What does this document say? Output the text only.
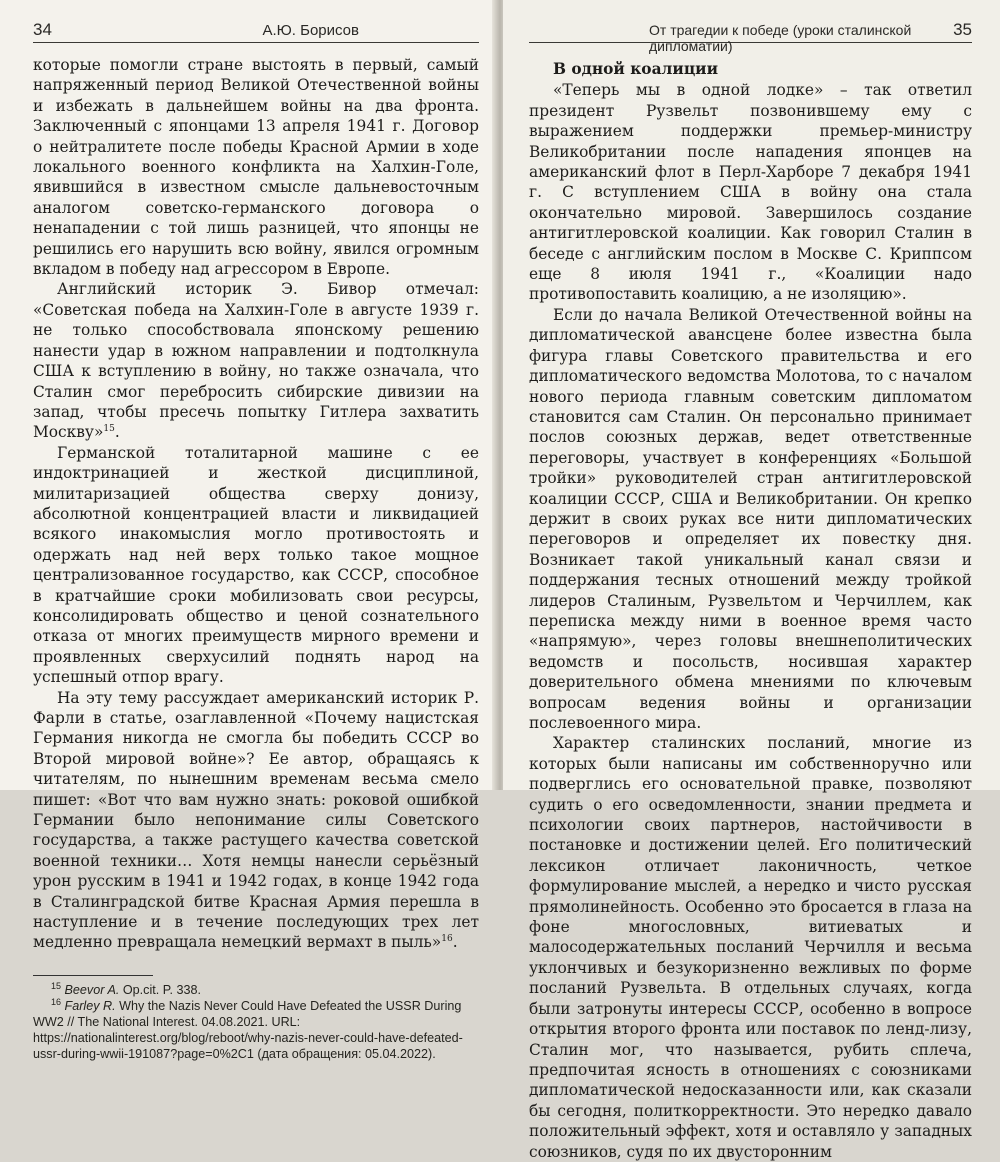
34	А.Ю. Борисов

которые помогли стране выстоять в первый, самый напряженный период Великой Отечественной войны и избежать в дальнейшем войны на два фронта. Заключенный с японцами 13 апреля 1941 г. Договор о нейтралитете после победы Красной Армии в ходе локального военного конфликта на Халхин-Голе, явившийся в известном смысле дальневосточным аналогом советско-германского договора о ненападении с той лишь разницей, что японцы не решились его нарушить всю войну, явился огромным вкладом в победу над агрессором в Европе.

Английский историк Э. Бивор отмечал: «Советская победа на Халхин-Голе в августе 1939 г. не только способствовала японскому решению нанести удар в южном направлении и подтолкнула США к вступлению в войну, но также означала, что Сталин смог перебросить сибирские дивизии на запад, чтобы пресечь попытку Гитлера захватить Москву»$^{15}$.

Германской тоталитарной машине с ее индоктринацией и жесткой дисциплиной, милитаризацией общества сверху донизу, абсолютной концентрацией власти и ликвидацией всякого инакомыслия могло противостоять и одержать над ней верх только такое мощное централизованное государство, как СССР, способное в кратчайшие сроки мобилизовать свои ресурсы, консолидировать общество и ценой сознательного отказа от многих преимуществ мирного времени и проявленных сверхусилий поднять народ на успешный отпор врагу.

На эту тему рассуждает американский историк Р. Фарли в статье, озаглавленной «Почему нацистская Германия никогда не смогла бы победить СССР во Второй мировой войне»? Ее автор, обращаясь к читателям, по нынешним временам весьма смело пишет: «Вот что вам нужно знать: роковой ошибкой Германии было непонимание силы Советского государства, а также растущего качества советской военной техники… Хотя немцы нанесли серьёзный урон русским в 1941 и 1942 годах, в конце 1942 года в Сталинградской битве Красная Армия перешла в наступление и в течение последующих трех лет медленно превращала немецкий вермахт в пыль»$^{16}$.

$^{15}$ Beevor A. Op.cit. P. 338.

$^{16}$ Farley R. Why the Nazis Never Could Have Defeated the USSR During WW2 // The National Interest. 04.08.2021. URL: https://nationalinterest.org/blog/reboot/why-nazis-never-could-have-defeated-ussr-during-wwii-191087?page=0%2C1 (дата обращения: 05.04.2022).

От трагедии к победе (уроки сталинской дипломатии)
35
В одной коалиции

«Теперь мы в одной лодке» – так ответил президент Рузвельт позвонившему ему с выражением поддержки премьер-министру Великобритании после нападения японцев на американский флот в Перл-Харборе 7 декабря 1941 г. С вступлением США в войну она стала окончательно мировой. Завершилось создание антигитлеровской коалиции. Как говорил Сталин в беседе с английским послом в Москве С. Криппсом еще 8 июля 1941 г., «Коалиции надо противопоставить коалицию, а не изоляцию».

Если до начала Великой Отечественной войны на дипломатической авансцене более известна была фигура главы Советского правительства и его дипломатического ведомства Молотова, то с началом нового периода главным советским дипломатом становится сам Сталин. Он персонально принимает послов союзных держав, ведет ответственные переговоры, участвует в конференциях «Большой тройки» руководителей стран антигитлеровской коалиции СССР, США и Великобритании. Он крепко держит в своих руках все нити дипломатических переговоров и определяет их повестку дня. Возникает такой уникальный канал связи и поддержания тесных отношений между тройкой лидеров Сталиным, Рузвельтом и Черчиллем, как переписка между ними в военное время часто «напрямую», через головы внешнеполитических ведомств и посольств, носившая характер доверительного обмена мнениями по ключевым вопросам ведения войны и организации послевоенного мира.

Характер сталинских посланий, многие из которых были написаны им собственноручно или подверглись его основательной правке, позволяют судить о его осведомленности, знании предмета и психологии своих партнеров, настойчивости в постановке и достижении целей. Его политический лексикон отличает лаконичность, четкое формулирование мыслей, а нередко и чисто русская прямолинейность. Особенно это бросается в глаза на фоне многословных, витиеватых и малосодержательных посланий Черчилля и весьма уклончивых и безукоризненно вежливых по форме посланий Рузвельта. В отдельных случаях, когда были затронуты интересы СССР, особенно в вопросе открытия второго фронта или поставок по ленд-лизу, Сталин мог, что называется, рубить сплеча, предпочитая ясность в отношениях с союзниками дипломатической недосказанности или, как сказали бы сегодня, политкорректности. Это нередко давало положительный эффект, хотя и оставляло у западных союзников, судя по их двусторонним
